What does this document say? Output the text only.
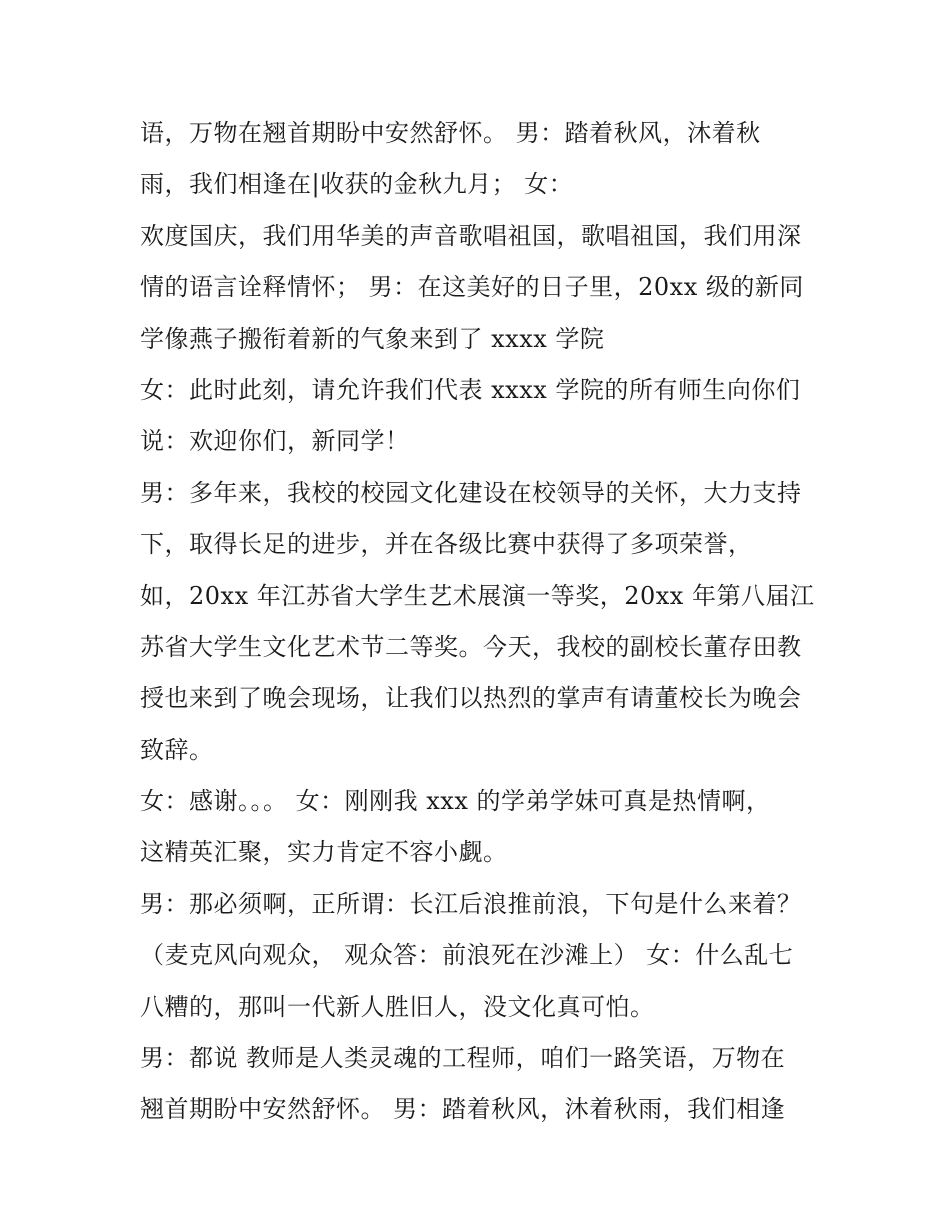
语，万物在翘首期盼中安然舒怀。 男：踏着秋风，沐着秋
雨，我们相逢在|收获的金秋九月； 女：
欢度国庆，我们用华美的声音歌唱祖国，歌唱祖国，我们用深
情的语言诠释情怀； 男：在这美好的日子里，20xx 级的新同
学像燕子搬衔着新的气象来到了 xxxx 学院
女：此时此刻，请允许我们代表 xxxx 学院的所有师生向你们
说：欢迎你们，新同学！
男：多年来，我校的校园文化建设在校领导的关怀，大力支持
下，取得长足的进步，并在各级比赛中获得了多项荣誉，
如，20xx 年江苏省大学生艺术展演一等奖，20xx 年第八届江
苏省大学生文化艺术节二等奖。今天，我校的副校长董存田教
授也来到了晚会现场，让我们以热烈的掌声有请董校长为晚会
致辞。
女：感谢。。。 女：刚刚我 xxx 的学弟学妹可真是热情啊，
这精英汇聚，实力肯定不容小觑。
男：那必须啊，正所谓：长江后浪推前浪，下句是什么来着？
（麦克风向观众， 观众答：前浪死在沙滩上） 女：什么乱七
八糟的，那叫一代新人胜旧人，没文化真可怕。
男：都说 教师是人类灵魂的工程师，咱们一路笑语，万物在
翘首期盼中安然舒怀。 男：踏着秋风，沐着秋雨，我们相逢
